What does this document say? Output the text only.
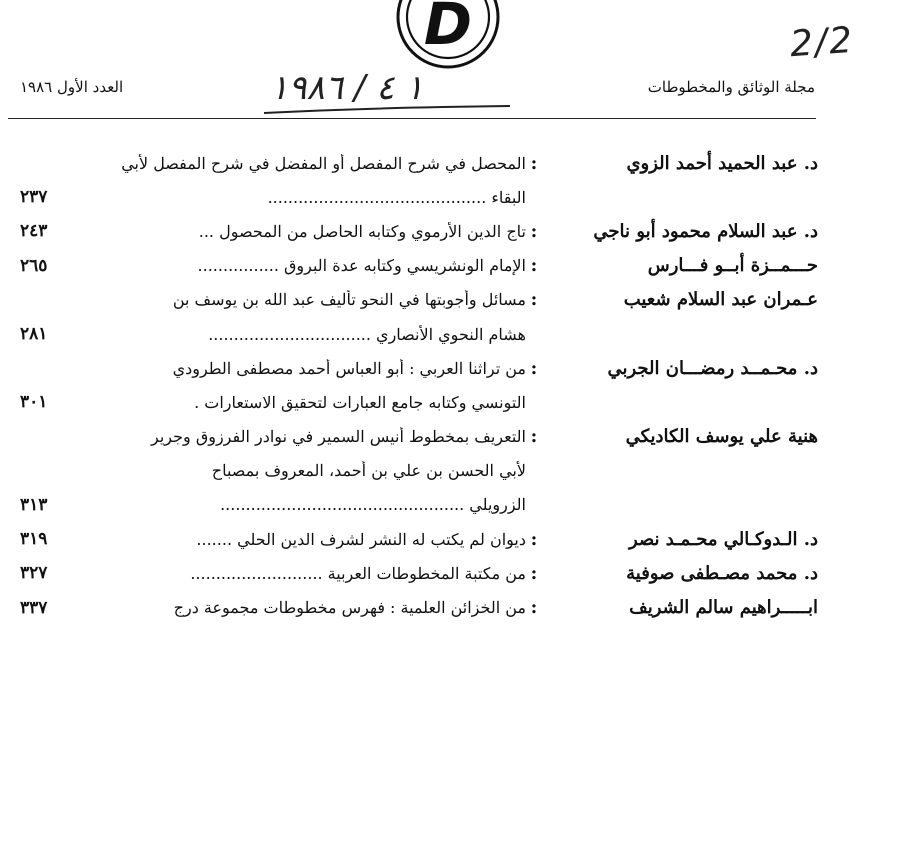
D	2/2
١ ٤ / ١٩٨٦
العدد الأول ١٩٨٦	مجلة الوثائق والمخطوطات
د. عبد الحميد أحمد الزوي
:
المحصل في شرح المفصل أو المفضل في شرح المفصل لأبي
البقاء ...........................................
٢٣٧
د. عبد السلام محمود أبو ناجي
:
تاج الدين الأرموي وكتابه الحاصل من المحصول ...
٢٤٣
حـــمــزة أبــو فـــارس
:
الإمام الونشريسي وكتابه عدة البروق ................
٢٦٥
عـمران عبد السلام شعيب
:
مسائل وأجوبتها في النحو تأليف عبد الله بن يوسف بن
هشام النحوي الأنصاري ................................
٢٨١
د. محـمــد رمضـــان الجربي
:
من تراثنا العربي : أبو العباس أحمد مصطفى الطرودي
التونسي وكتابه جامع العبارات لتحقيق الاستعارات .
٣٠١
هنية علي يوسف الكاديكي
:
التعريف بمخطوط أنيس السمير في نوادر الفرزوق وجرير
لأبي الحسن بن علي بن أحمد، المعروف بمصباح
الزرويلي ................................................
٣١٣
د. الـدوكـالي محـمـد نصر
:
ديوان لم يكتب له النشر لشرف الدين الحلي .......
٣١٩
د. محمد مصـطفى صوفية
:
من مكتبة المخطوطات العربية ..........................
٣٢٧
ابـــــراهيم سالم الشريف
:
من الخزائن العلمية : فهرس مخطوطات مجموعة درج
٣٣٧
